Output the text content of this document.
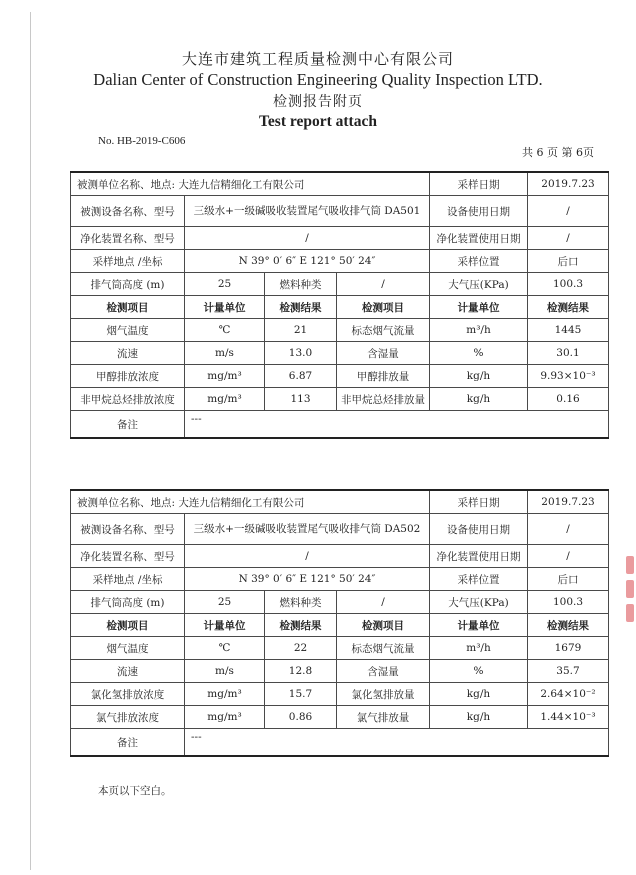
大连市建筑工程质量检测中心有限公司
Dalian Center of Construction Engineering Quality Inspection LTD.
检测报告附页
Test report attach
No. HB-2019-C606
共 6 页 第 6页
被测单位名称、地点: 大连九信精细化工有限公司				采样日期	2019.7.23
被测设备名称、型号	三级水+一级碱吸收装置尾气吸收排气筒 DA501			设备使用日期	/
净化装置名称、型号	/			净化装置使用日期	/
采样地点 /坐标	N 39° 0′ 6″ E 121° 50′ 24″			采样位置	后口
排气筒高度 (m)	25	燃料种类	/	大气压(KPa)	100.3
检测项目	计量单位	检测结果	检测项目	计量单位	检测结果
烟气温度	℃	21	标态烟气流量	m³/h	1445
流速	m/s	13.0	含湿量	%	30.1
甲醇排放浓度	mg/m³	6.87	甲醇排放量	kg/h	9.93×10⁻³
非甲烷总烃排放浓度	mg/m³	113	非甲烷总烃排放量	kg/h	0.16
备注	---				
被测单位名称、地点: 大连九信精细化工有限公司				采样日期	2019.7.23
被测设备名称、型号	三级水+一级碱吸收装置尾气吸收排气筒 DA502			设备使用日期	/
净化装置名称、型号	/			净化装置使用日期	/
采样地点 /坐标	N 39° 0′ 6″ E 121° 50′ 24″			采样位置	后口
排气筒高度 (m)	25	燃料种类	/	大气压(KPa)	100.3
检测项目	计量单位	检测结果	检测项目	计量单位	检测结果
烟气温度	℃	22	标态烟气流量	m³/h	1679
流速	m/s	12.8	含湿量	%	35.7
氯化氢排放浓度	mg/m³	15.7	氯化氢排放量	kg/h	2.64×10⁻²
氯气排放浓度	mg/m³	0.86	氯气排放量	kg/h	1.44×10⁻³
备注	---				
本页以下空白。
